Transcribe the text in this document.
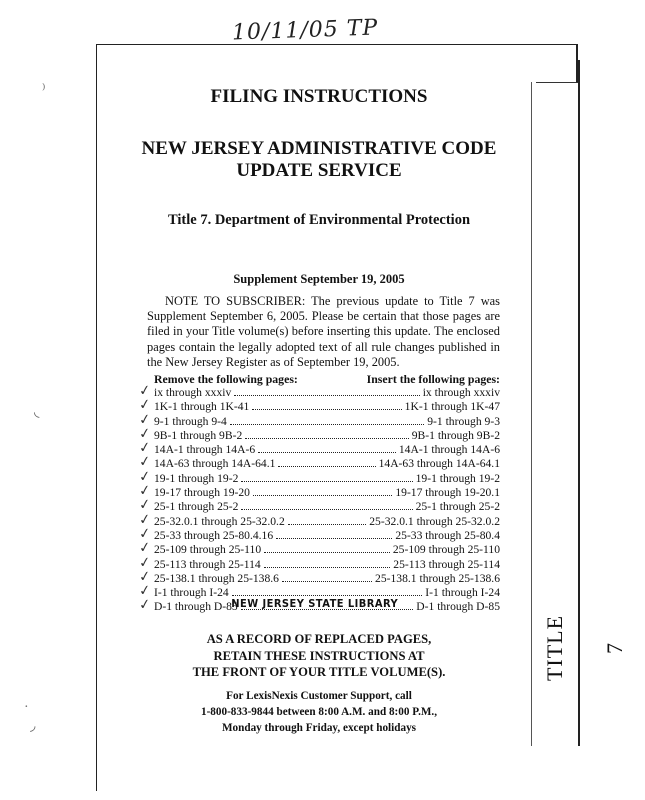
10/11/05 TP
TITLE 7
⁾
◟
·
◞
FILING INSTRUCTIONS
NEW JERSEY ADMINISTRATIVE CODE
UPDATE SERVICE
Title 7. Department of Environmental Protection
Supplement September 19, 2005
NOTE TO SUBSCRIBER: The previous update to Title 7 was Supplement September 6, 2005. Please be certain that those pages are filed in your Title volume(s) before inserting this update. The enclosed pages contain the legally adopted text of all rule changes published in the New Jersey Register as of September 19, 2005.
Remove the following pages:	Insert the following pages:
✓ ix through xxxiv	ix through xxxiv
✓ 1K-1 through 1K-41	1K-1 through 1K-47
✓ 9-1 through 9-4	9-1 through 9-3
✓ 9B-1 through 9B-2	9B-1 through 9B-2
✓ 14A-1 through 14A-6	14A-1 through 14A-6
✓ 14A-63 through 14A-64.1	14A-63 through 14A-64.1
✓ 19-1 through 19-2	19-1 through 19-2
✓ 19-17 through 19-20	19-17 through 19-20.1
✓ 25-1 through 25-2	25-1 through 25-2
✓ 25-32.0.1 through 25-32.0.2	25-32.0.1 through 25-32.0.2
✓ 25-33 through 25-80.4.16	25-33 through 25-80.4
✓ 25-109 through 25-110	25-109 through 25-110
✓ 25-113 through 25-114	25-113 through 25-114
✓ 25-138.1 through 25-138.6	25-138.1 through 25-138.6
✓ I-1 through I-24	I-1 through I-24
✓ D-1 through D-85	D-1 through D-85
NEW JERSEY STATE LIBRARY
AS A RECORD OF REPLACED PAGES,
RETAIN THESE INSTRUCTIONS AT
THE FRONT OF YOUR TITLE VOLUME(S).
For LexisNexis Customer Support, call
1-800-833-9844 between 8:00 A.M. and 8:00 P.M.,
Monday through Friday, except holidays
